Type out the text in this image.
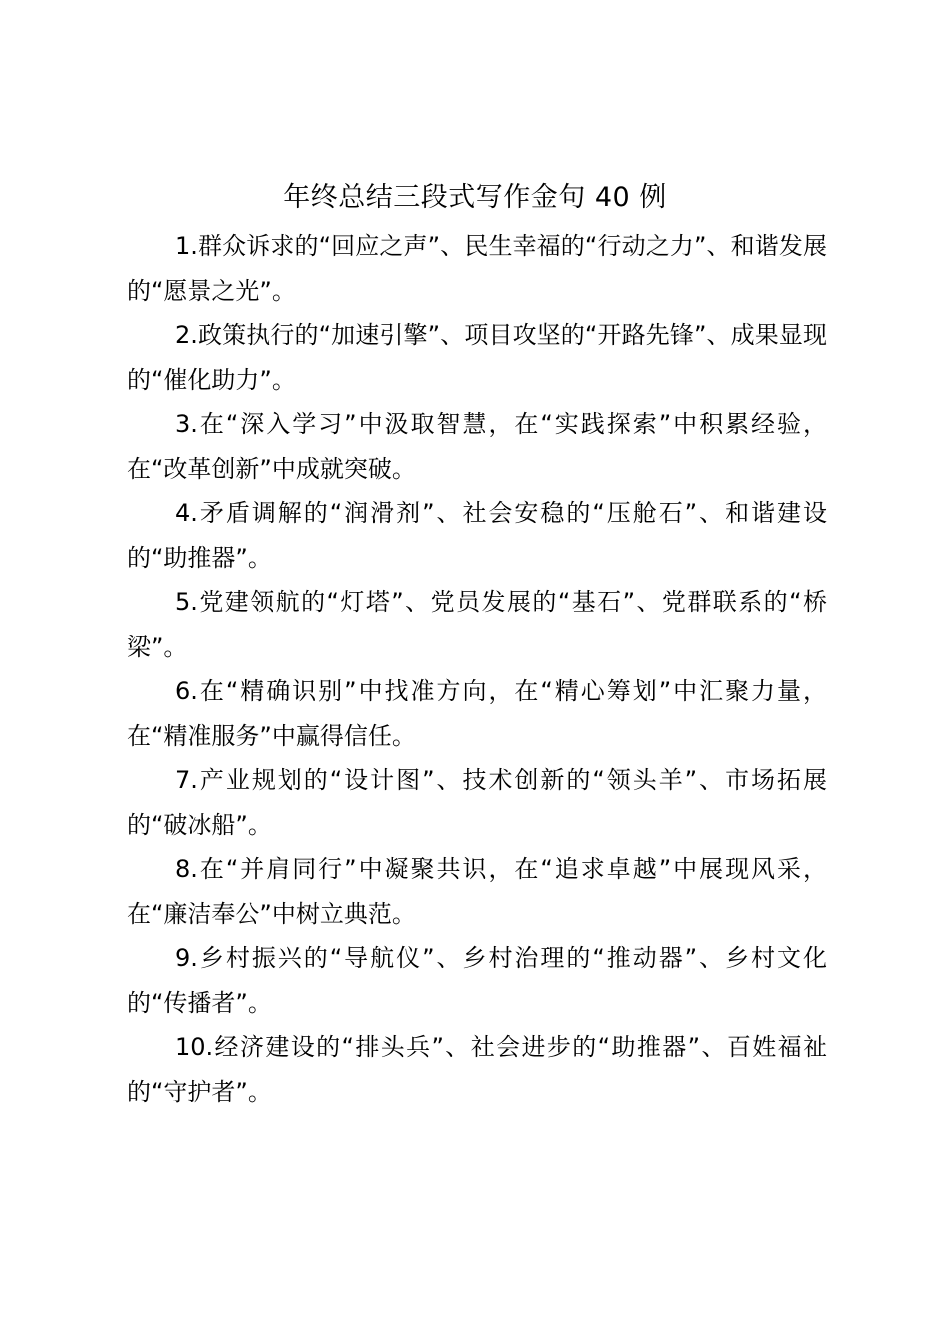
年终总结三段式写作金句 40 例

1.群众诉求的“回应之声”、民生幸福的“行动之力”、和谐发展的“愿景之光”。

2.政策执行的“加速引擎”、项目攻坚的“开路先锋”、成果显现的“催化助力”。

3.在“深入学习”中汲取智慧，在“实践探索”中积累经验，在“改革创新”中成就突破。

4.矛盾调解的“润滑剂”、社会安稳的“压舱石”、和谐建设的“助推器”。

5.党建领航的“灯塔”、党员发展的“基石”、党群联系的“桥梁”。

6.在“精确识别”中找准方向，在“精心筹划”中汇聚力量，在“精准服务”中赢得信任。

7.产业规划的“设计图”、技术创新的“领头羊”、市场拓展的“破冰船”。

8.在“并肩同行”中凝聚共识，在“追求卓越”中展现风采，在“廉洁奉公”中树立典范。

9.乡村振兴的“导航仪”、乡村治理的“推动器”、乡村文化的“传播者”。

10.经济建设的“排头兵”、社会进步的“助推器”、百姓福祉的“守护者”。
